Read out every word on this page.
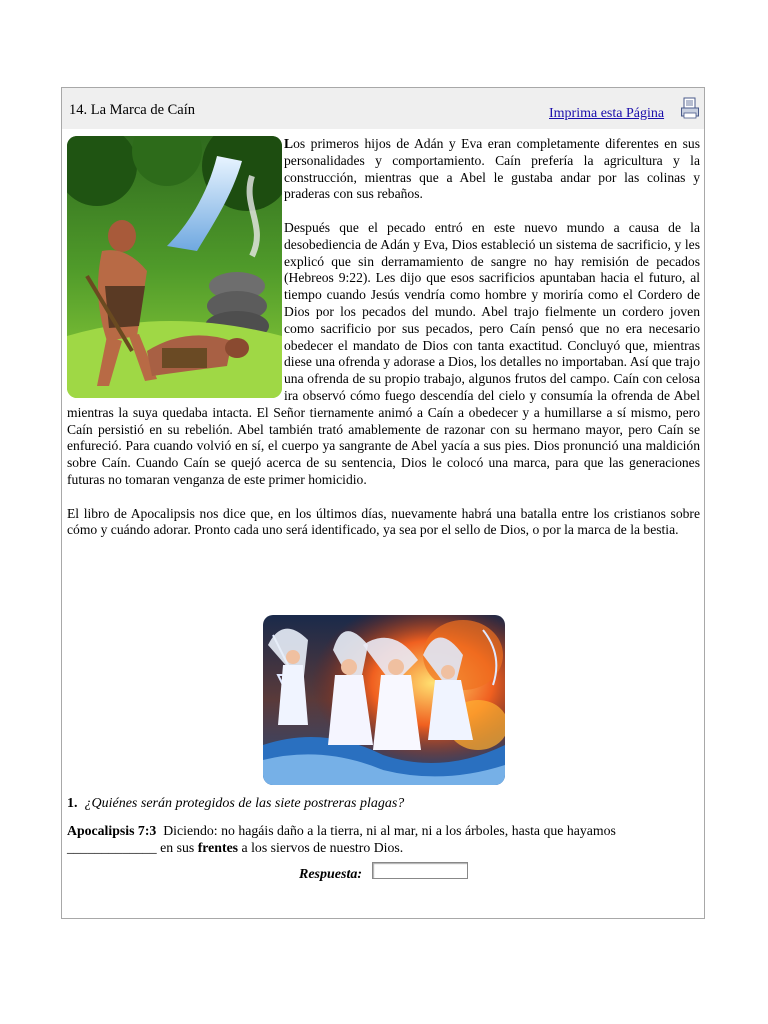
14. La Marca de Caín	Imprima esta Página

Los primeros hijos de Adán y Eva eran completamente diferentes en sus personalidades y comportamiento. Caín prefería la agricultura y la construcción, mientras que a Abel le gustaba andar por las colinas y praderas con sus rebaños.

Después que el pecado entró en este nuevo mundo a causa de la desobediencia de Adán y Eva, Dios estableció un sistema de sacrificio, y les explicó que sin derramamiento de sangre no hay remisión de pecados (Hebreos 9:22). Les dijo que esos sacrificios apuntaban hacia el futuro, al tiempo cuando Jesús vendría como hombre y moriría como el Cordero de Dios por los pecados del mundo. Abel trajo fielmente un cordero joven como sacrificio por sus pecados, pero Caín pensó que no era necesario obedecer el mandato de Dios con tanta exactitud. Concluyó que, mientras diese una ofrenda y adorase a Dios, los detalles no importaban. Así que trajo una ofrenda de su propio trabajo, algunos frutos del campo. Caín con celosa ira observó cómo fuego descendía del cielo y consumía la ofrenda de Abel mientras la suya quedaba intacta. El Señor tiernamente animó a Caín a obedecer y a humillarse a sí mismo, pero Caín persistió en su rebelión. Abel también trató amablemente de razonar con su hermano mayor, pero Caín se enfureció. Para cuando volvió en sí, el cuerpo ya sangrante de Abel yacía a sus pies. Dios pronunció una maldición sobre Caín. Cuando Caín se quejó acerca de su sentencia, Dios le colocó una marca, para que las generaciones futuras no tomaran venganza de este primer homicidio.

El libro de Apocalipsis nos dice que, en los últimos días, nuevamente habrá una batalla entre los cristianos sobre cómo y cuándo adorar. Pronto cada uno será identificado, ya sea por el sello de Dios, o por la marca de la bestia.

1. ¿Quiénes serán protegidos de las siete postreras plagas?
Apocalipsis 7:3 Diciendo: no hagáis daño a la tierra, ni al mar, ni a los árboles, hasta que hayamos
_____________ en sus frentes a los siervos de nuestro Dios.
Respuesta:
